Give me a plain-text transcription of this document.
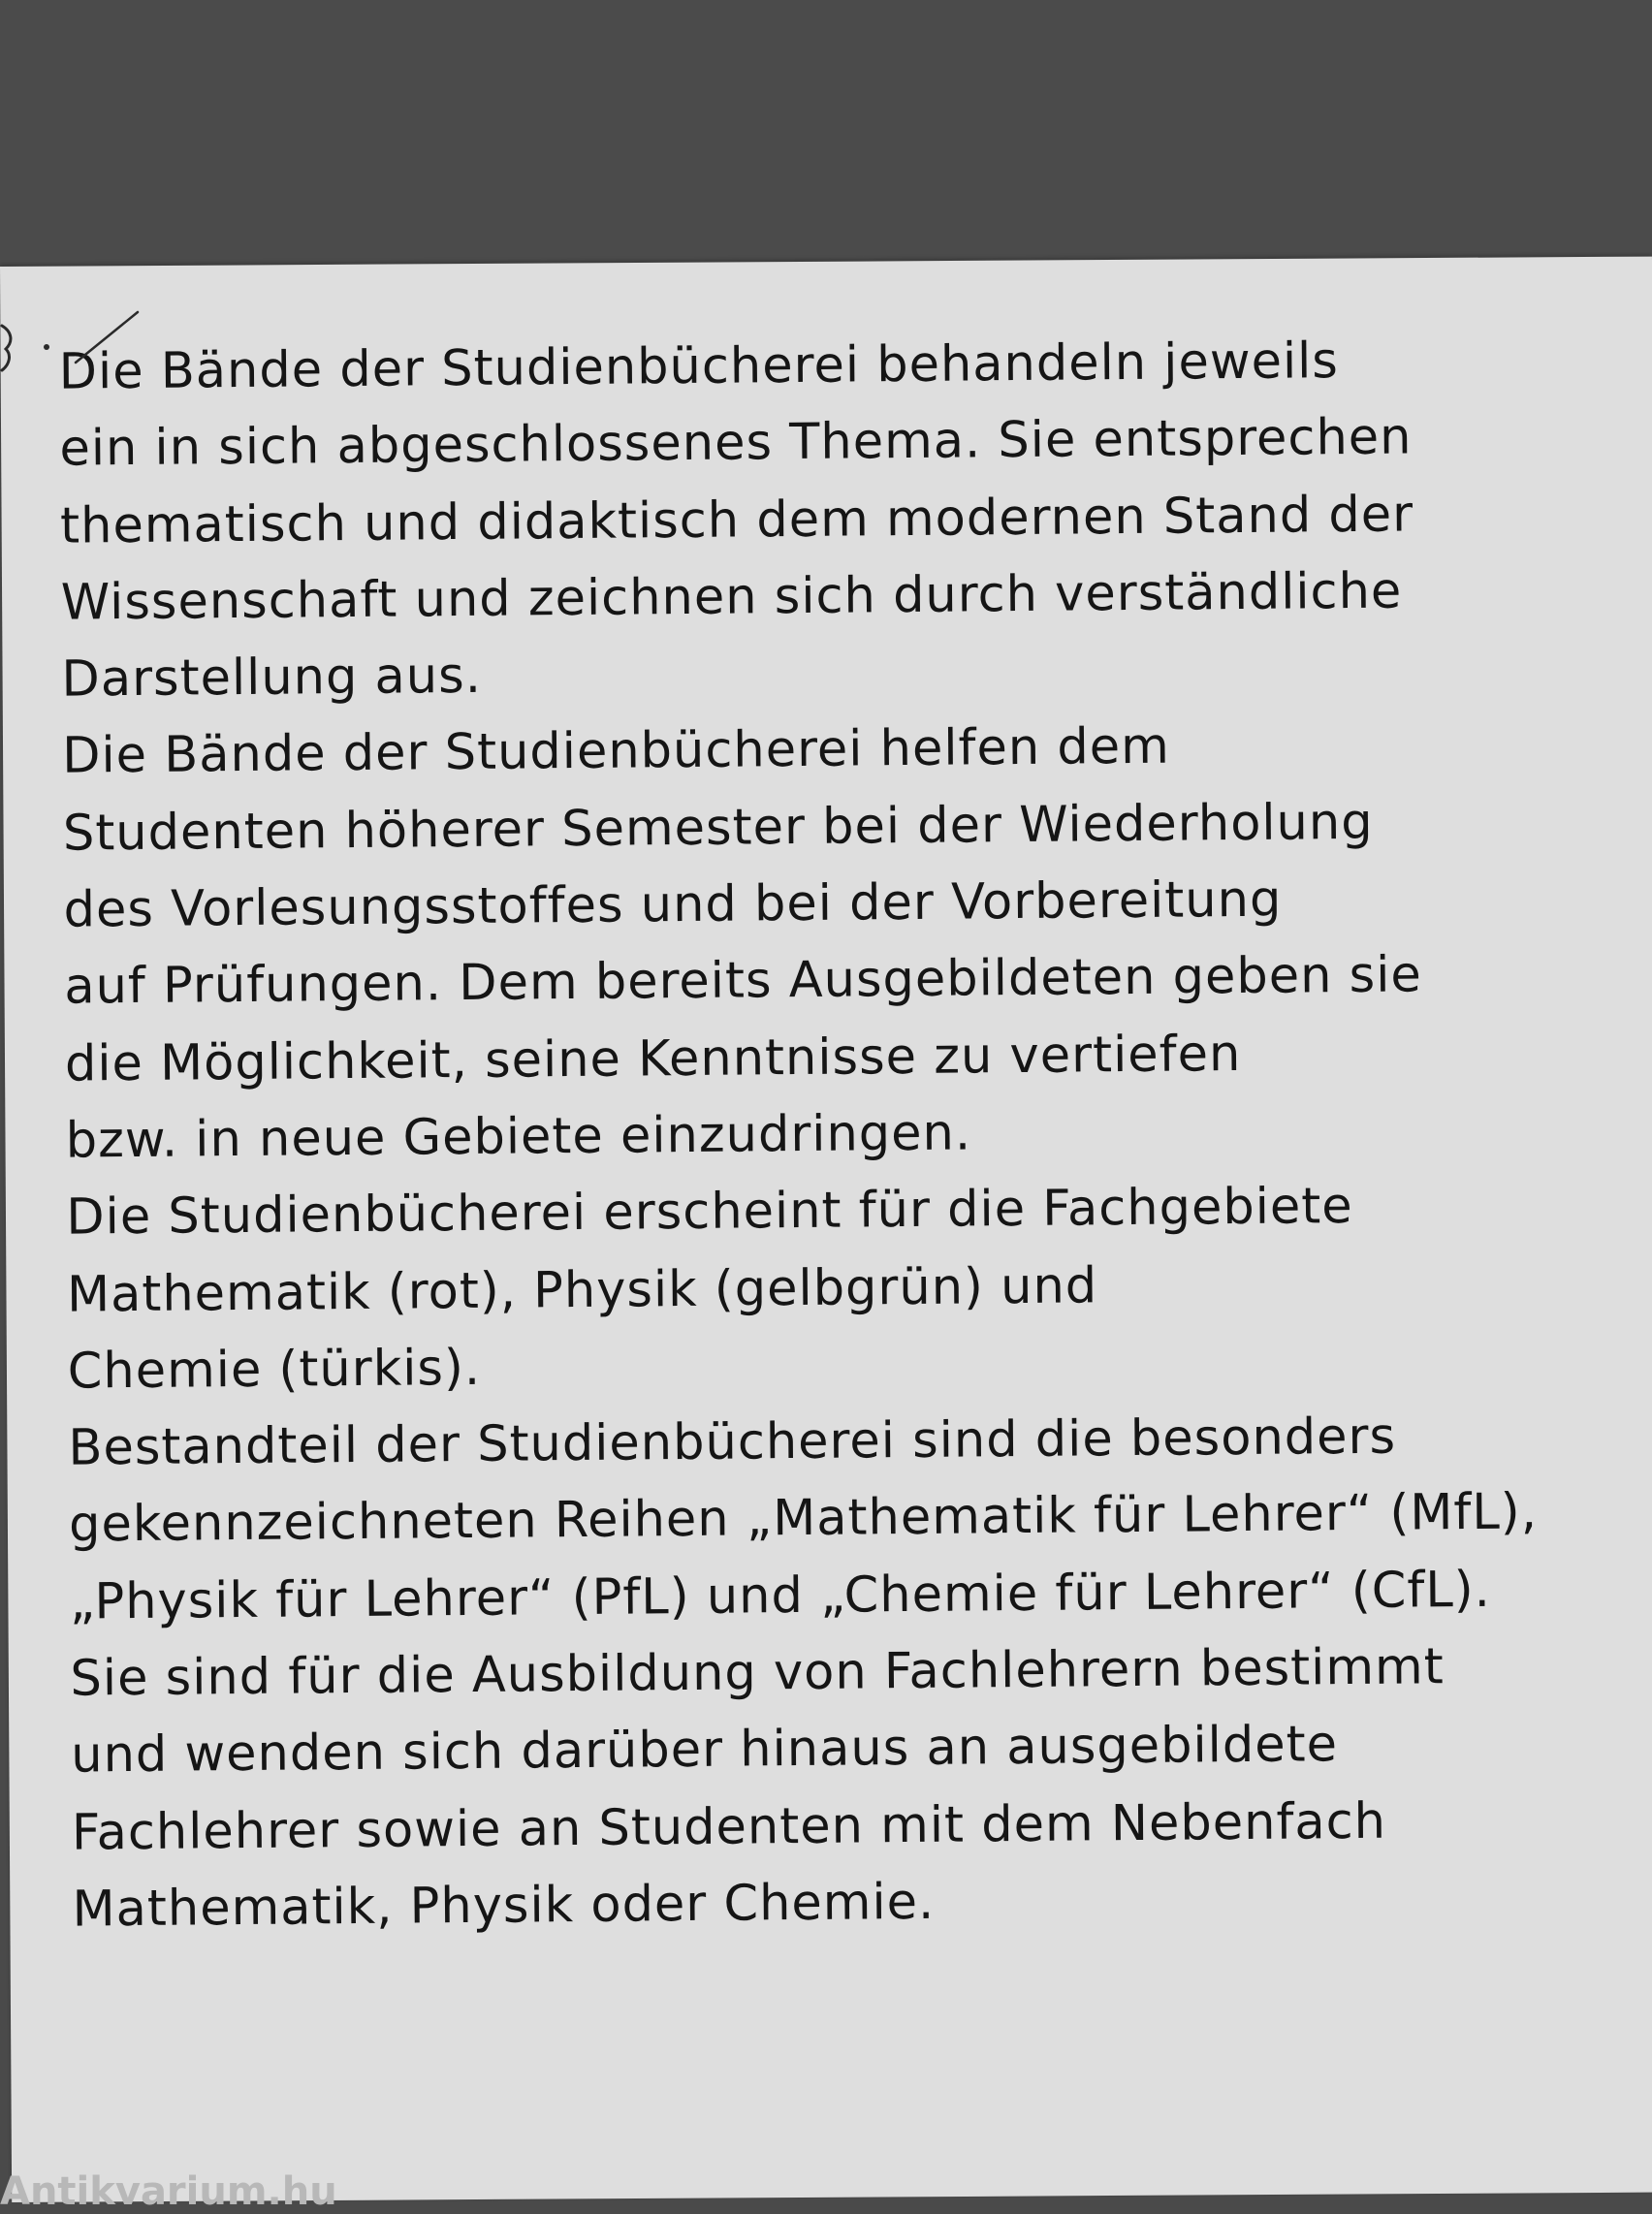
Die Bände der Studienbücherei behandeln jeweils
ein in sich abgeschlossenes Thema. Sie entsprechen
thematisch und didaktisch dem modernen Stand der
Wissenschaft und zeichnen sich durch verständliche
Darstellung aus.
Die Bände der Studienbücherei helfen dem
Studenten höherer Semester bei der Wiederholung
des Vorlesungsstoffes und bei der Vorbereitung
auf Prüfungen. Dem bereits Ausgebildeten geben sie
die Möglichkeit, seine Kenntnisse zu vertiefen
bzw. in neue Gebiete einzudringen.
Die Studienbücherei erscheint für die Fachgebiete
Mathematik (rot), Physik (gelbgrün) und
Chemie (türkis).
Bestandteil der Studienbücherei sind die besonders
gekennzeichneten Reihen „Mathematik für Lehrer“ (MfL),
„Physik für Lehrer“ (PfL) und „Chemie für Lehrer“ (CfL).
Sie sind für die Ausbildung von Fachlehrern bestimmt
und wenden sich darüber hinaus an ausgebildete
Fachlehrer sowie an Studenten mit dem Nebenfach
Mathematik, Physik oder Chemie.
Antikvarium.hu
